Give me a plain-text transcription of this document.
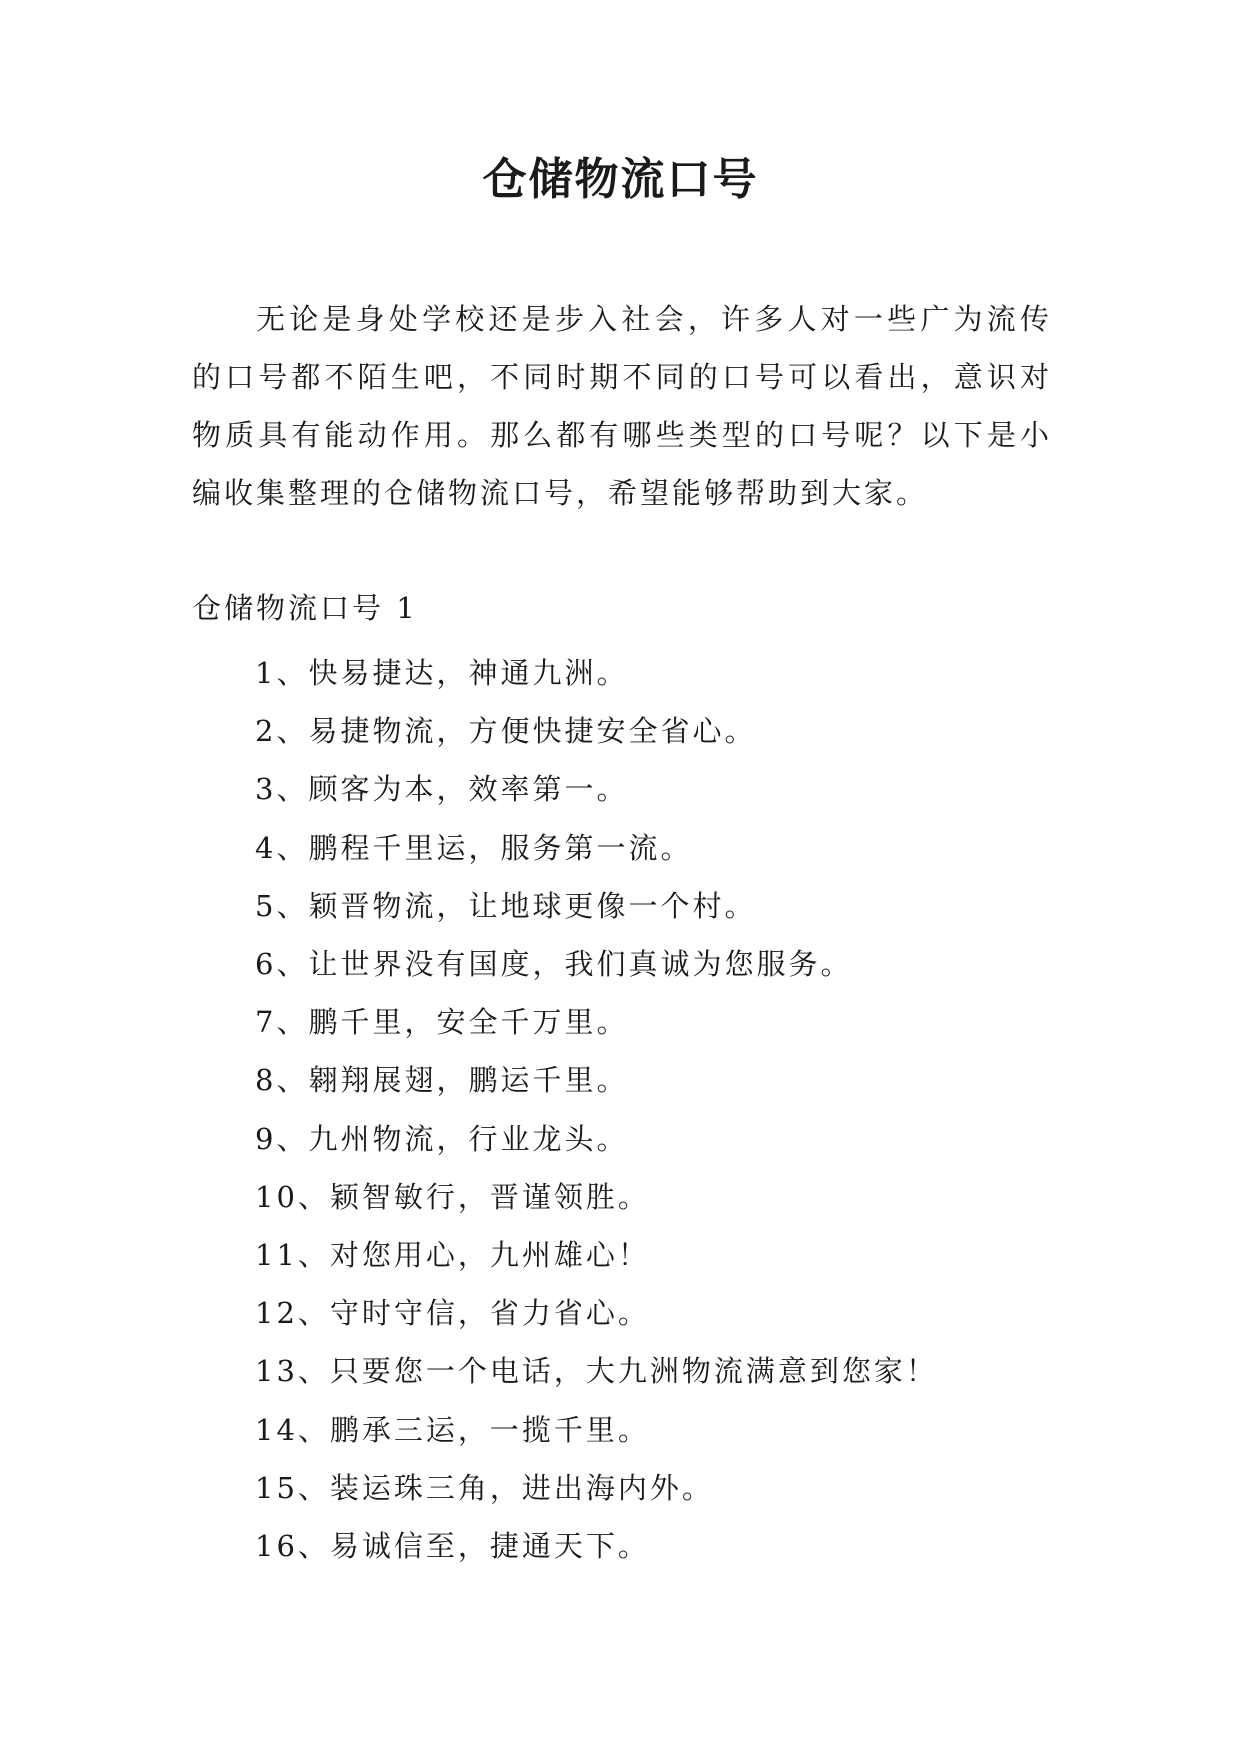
仓储物流口号

无论是身处学校还是步入社会，许多人对一些广为流传的口号都不陌生吧，不同时期不同的口号可以看出，意识对物质具有能动作用。那么都有哪些类型的口号呢？以下是小编收集整理的仓储物流口号，希望能够帮助到大家。

仓储物流口号 1

1、快易捷达，神通九洲。
2、易捷物流，方便快捷安全省心。
3、顾客为本，效率第一。
4、鹏程千里运，服务第一流。
5、颖晋物流，让地球更像一个村。
6、让世界没有国度，我们真诚为您服务。
7、鹏千里，安全千万里。
8、翱翔展翅，鹏运千里。
9、九州物流，行业龙头。
10、颖智敏行，晋谨领胜。
11、对您用心，九州雄心！
12、守时守信，省力省心。
13、只要您一个电话，大九洲物流满意到您家！
14、鹏承三运，一揽千里。
15、装运珠三角，进出海内外。
16、易诚信至，捷通天下。
